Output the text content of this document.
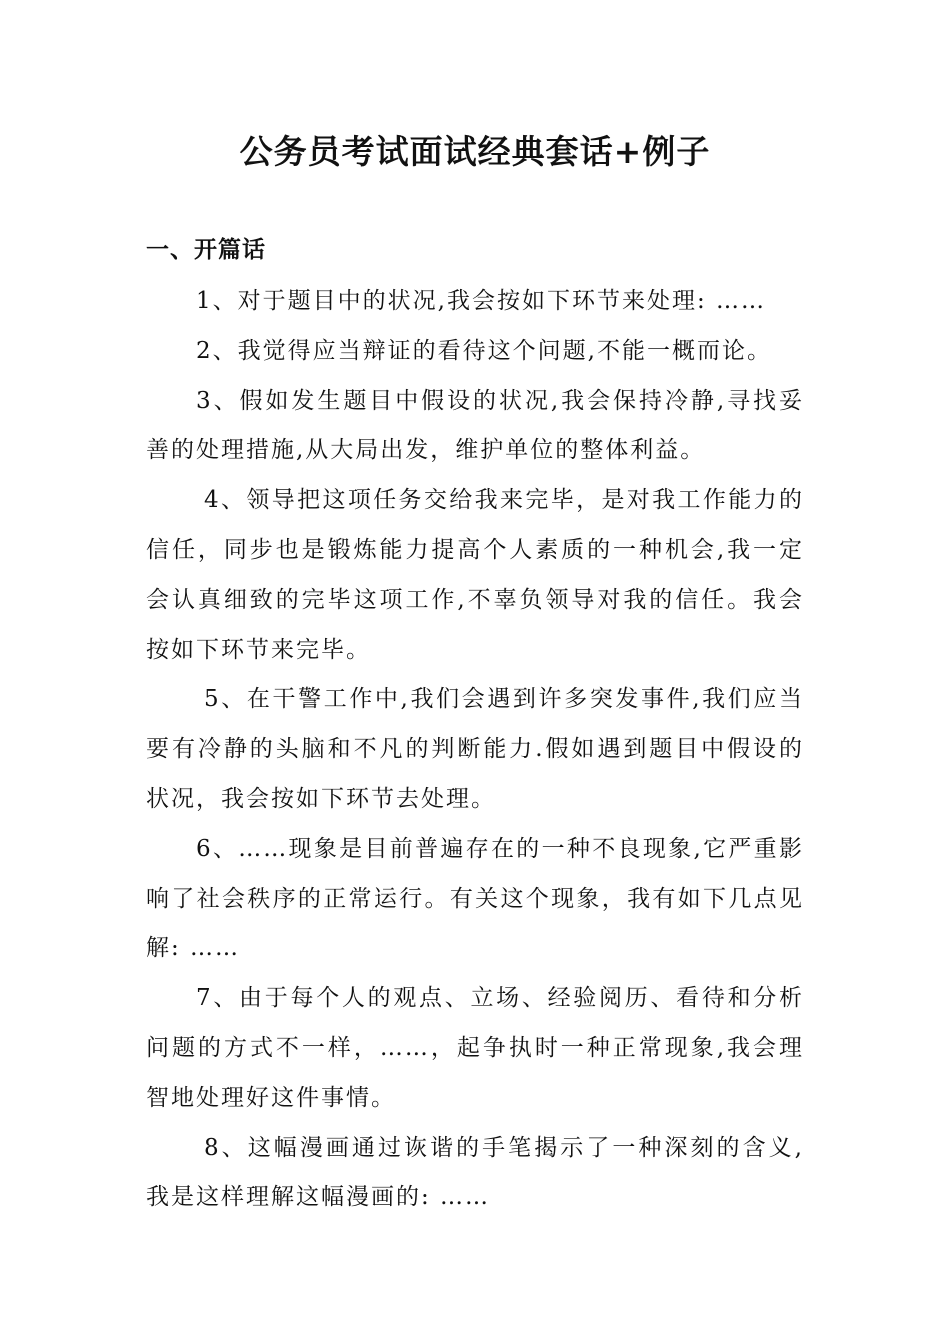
公务员考试面试经典套话+例子
一、开篇话

1、对于题目中的状况,我会按如下环节来处理: ……

2、我觉得应当辩证的看待这个问题,不能一概而论。

3、假如发生题目中假设的状况,我会保持冷静,寻找妥善的处理措施,从大局出发，维护单位的整体利益。

4、领导把这项任务交给我来完毕，是对我工作能力的信任，同步也是锻炼能力提高个人素质的一种机会,我一定会认真细致的完毕这项工作,不辜负领导对我的信任。我会按如下环节来完毕。

5、在干警工作中,我们会遇到许多突发事件,我们应当要有冷静的头脑和不凡的判断能力.假如遇到题目中假设的状况，我会按如下环节去处理。

6、……现象是目前普遍存在的一种不良现象,它严重影响了社会秩序的正常运行。有关这个现象，我有如下几点见解: ……

7、由于每个人的观点、立场、经验阅历、看待和分析问题的方式不一样，……，起争执时一种正常现象,我会理智地处理好这件事情。

8、这幅漫画通过诙谐的手笔揭示了一种深刻的含义,我是这样理解这幅漫画的: ……
